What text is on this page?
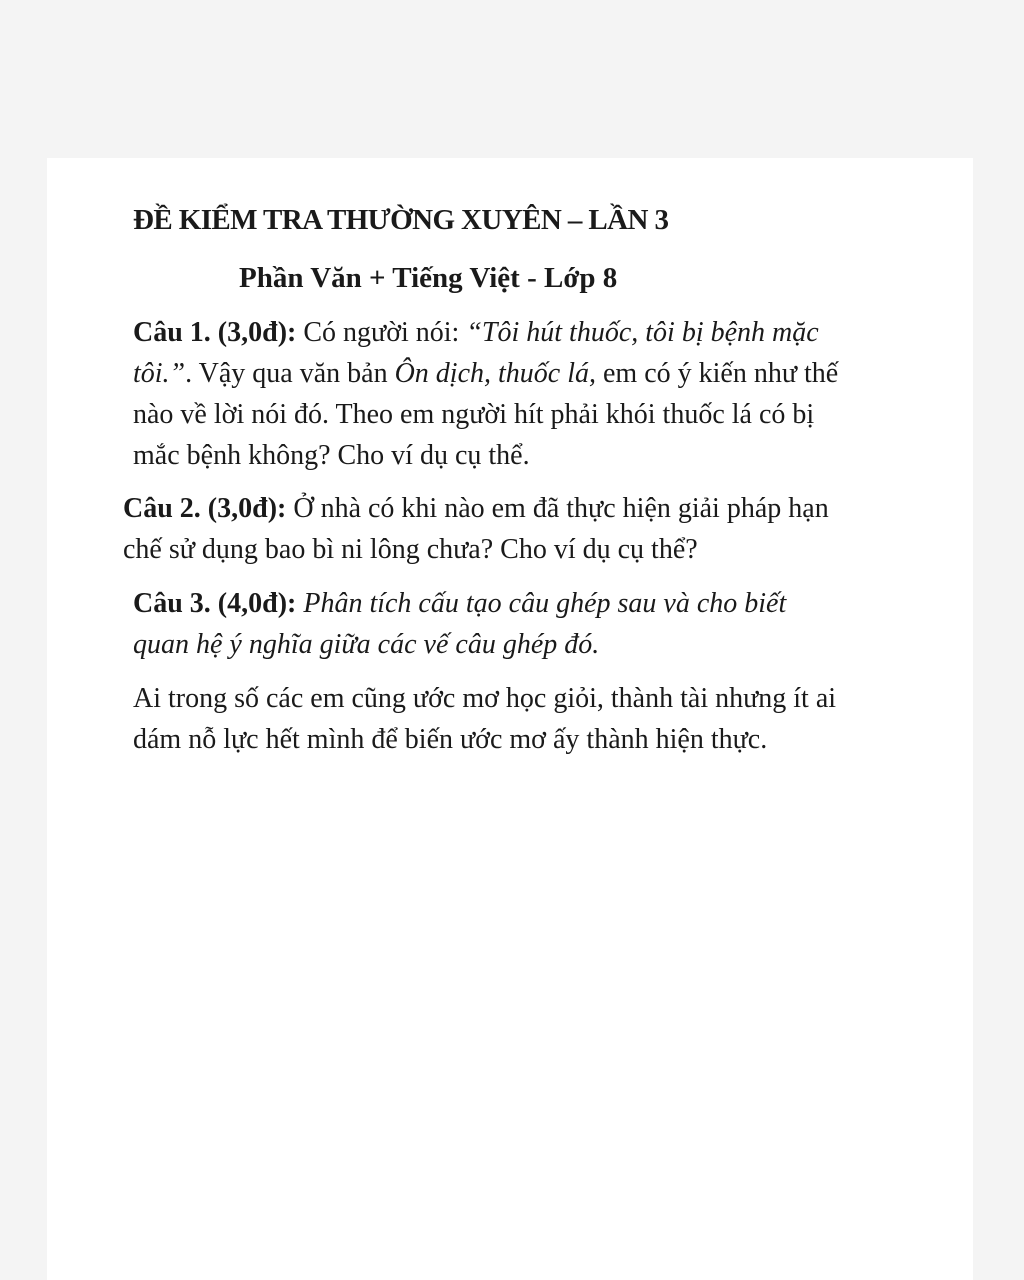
ĐỀ KIỂM TRA THƯỜNG XUYÊN – LẦN 3
Phần Văn + Tiếng Việt - Lớp 8
Câu 1. (3,0đ): Có người nói: “Tôi hút thuốc, tôi bị bệnh mặc
tôi.”. Vậy qua văn bản Ôn dịch, thuốc lá, em có ý kiến như thế
nào về lời nói đó. Theo em người hít phải khói thuốc lá có bị
mắc bệnh không? Cho ví dụ cụ thể.
Câu 2. (3,0đ): Ở nhà có khi nào em đã thực hiện giải pháp hạn
chế sử dụng bao bì ni lông chưa? Cho ví dụ cụ thể?
Câu 3. (4,0đ): Phân tích cấu tạo câu ghép sau và cho biết
quan hệ ý nghĩa giữa các vế câu ghép đó.
Ai trong số các em cũng ước mơ học giỏi, thành tài nhưng ít ai
dám nỗ lực hết mình để biến ước mơ ấy thành hiện thực.
